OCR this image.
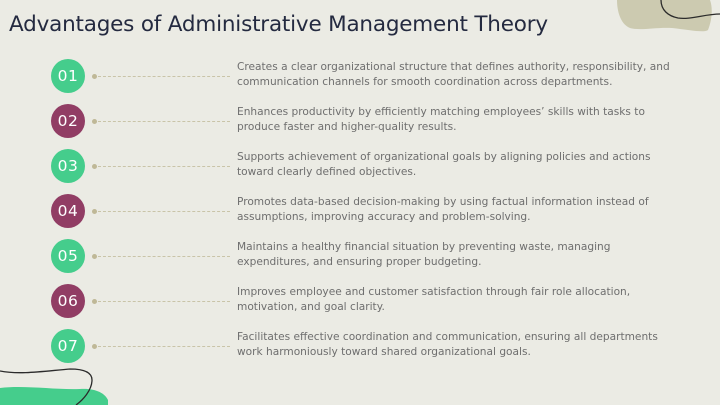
Advantages of Administrative Management Theory
01	Creates a clear organizational structure that defines authority, responsibility, and communication channels for smooth coordination across departments.

02	Enhances productivity by efficiently matching employees’ skills with tasks to produce faster and higher-quality results.

03	Supports achievement of organizational goals by aligning policies and actions toward clearly defined objectives.

04	Promotes data-based decision-making by using factual information instead of assumptions, improving accuracy and problem-solving.

05	Maintains a healthy financial situation by preventing waste, managing expenditures, and ensuring proper budgeting.

06	Improves employee and customer satisfaction through fair role allocation, motivation, and goal clarity.

07	Facilitates effective coordination and communication, ensuring all departments work harmoniously toward shared organizational goals.
